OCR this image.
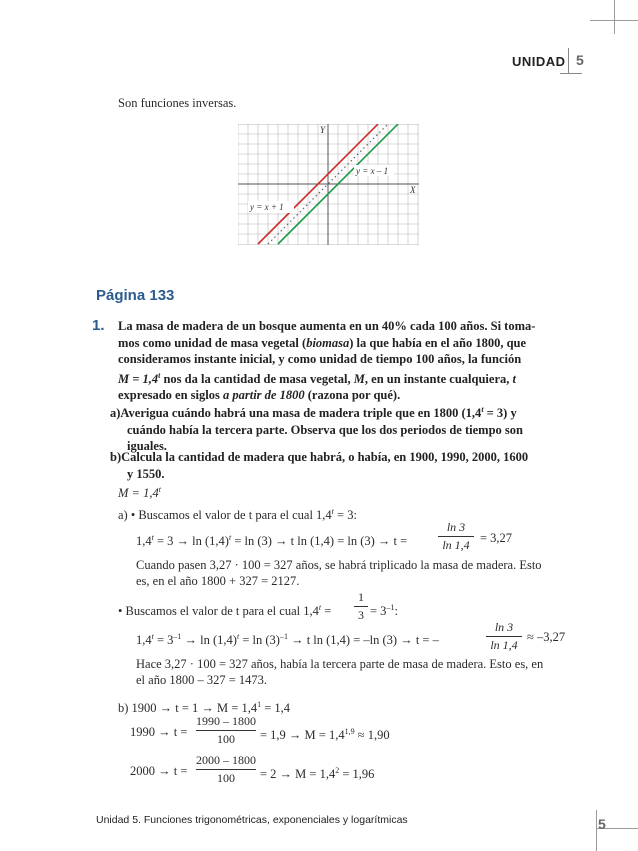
UNIDAD 5
Son funciones inversas.
y = x + 1
y = x – 1
Y
X
Página 133
1. La masa de madera de un bosque aumenta en un 40% cada 100 años. Si toma-
mos como unidad de masa vegetal (biomasa) la que había en el año 1800, que
consideramos instante inicial, y como unidad de tiempo 100 años, la función
$M = 1,4^t$ nos da la cantidad de masa vegetal, M, en un instante cualquiera, t
expresado en siglos a partir de 1800 (razona por qué).
a)Averigua cuándo habrá una masa de madera triple que en 1800 $(1,4^t = 3)$ y
cuándo había la tercera parte. Observa que los dos periodos de tiempo son
iguales.
b)Calcula la cantidad de madera que habrá, o había, en 1900, 1990, 2000, 1600
y 1550.
$M = 1,4^t$
a) • Buscamos el valor de t para el cual $1,4^t = 3$:
$1,4^t = 3 \to \ln (1,4)^t = \ln (3) \to t$ ln (1,4) = ln (3) → t =
ln 3
ln 1,4 = 3,27
Cuando pasen 3,27 · 100 = 327 años, se habrá triplicado la masa de madera. Esto
es, en el año 1800 + 327 = 2127.
• Buscamos el valor de t para el cual $1,4^t$ =
1
$3 = 3^{-1}$:
$1,4^t = 3^{-1} \to \ln (1,4)^t = \ln (3)^{-1} \to t$ ln (1,4) = –ln (3) → t = –
ln 3
ln 1,4
≈ –3,27
Hace 3,27 · 100 = 327 años, había la tercera parte de masa de madera. Esto es, en
el año 1800 – 327 = 1473.
b) $1900 \to t = 1 \to M = 1,4^1 = 1,4$
1990 → t =
1990 – 1800
100	= $1,9 \to M = 1,4^{1,9} \approx 1,90$
2000 → t =
2000 – 1800
100	= $2 \to M = 1,4^2 = 1,96$
Unidad 5. Funciones trigonométricas, exponenciales y logarítmicas	5
